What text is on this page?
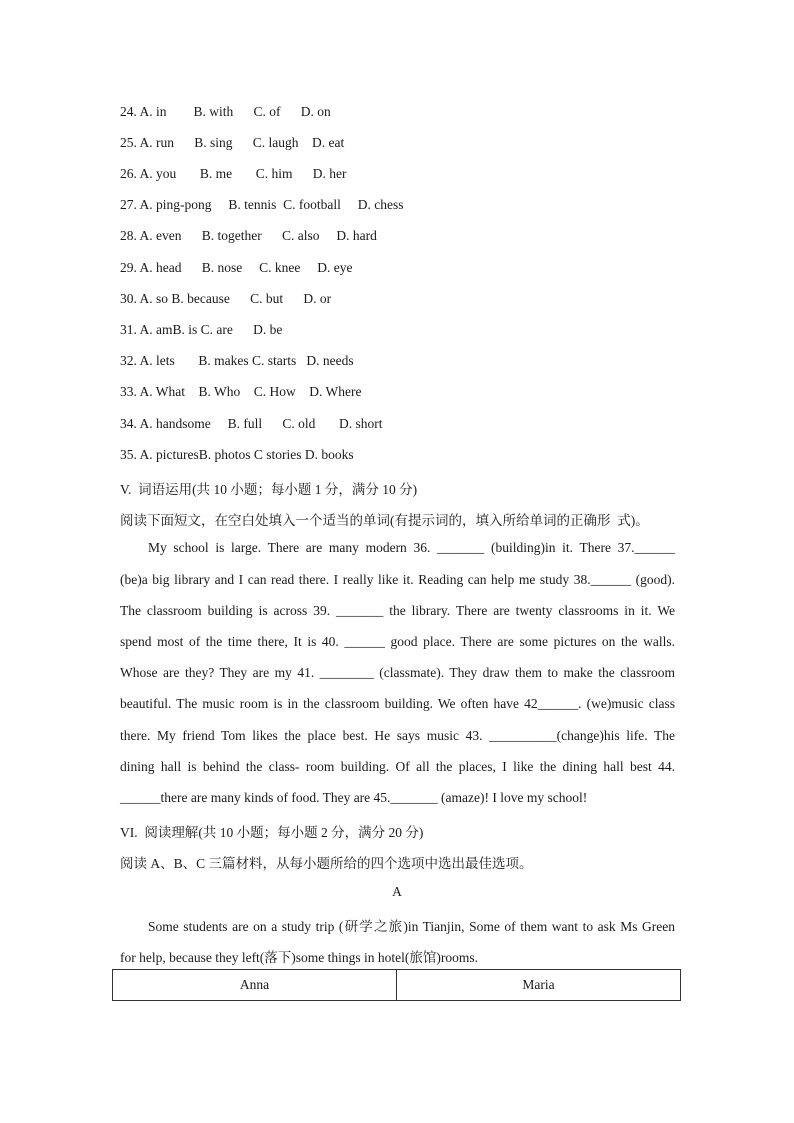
24. A. in        B. with      C. of      D. on
25. A. run      B. sing      C. laugh    D. eat
26. A. you       B. me       C. him      D. her
27. A. ping-pong     B. tennis  C. football     D. chess
28. A. even      B. together      C. also     D. hard
29. A. head      B. nose     C. knee     D. eye
30. A. so B. because      C. but      D. or
31. A. amB. is C. are      D. be
32. A. lets       B. makes C. starts   D. needs
33. A. What    B. Who    C. How    D. Where
34. A. handsome     B. full      C. old       D. short
35. A. picturesB. photos C stories D. books
V.  词语运用(共 10 小题；每小题 1 分，满分 10 分)
阅读下面短文，在空白处填入一个适当的单词(有提示词的，填入所给单词的正确形  式)。
My school is large. There are many modern 36. _______ (building)in it. There 37.______
(be)a big library and I can read there. I really like it. Reading can help me study 38.______ (good).
The classroom building is across 39. _______ the library. There are twenty classrooms in it. We
spend most of the time there, It is 40. ______ good place. There are some pictures on the walls.
Whose are they? They are my 41. ________ (classmate). They draw them to make the classroom
beautiful. The music room is in the classroom building. We often have 42______. (we)music class
there. My friend Tom likes the place best. He says music 43. __________(change)his life. The
dining hall is behind the class- room building. Of all the places, I like the dining hall best 44.
______there are many kinds of food. They are 45._______ (amaze)! I love my school!
VI.  阅读理解(共 10 小题；每小题 2 分，满分 20 分)
阅读 A、B、C 三篇材料，从每小题所给的四个选项中选出最佳选项。
A
Some students are on a study trip (研学之旅)in Tianjin, Some of them want to ask Ms Green
for help, because they left(落下)some things in hotel(旅馆)rooms.
Anna	Maria
